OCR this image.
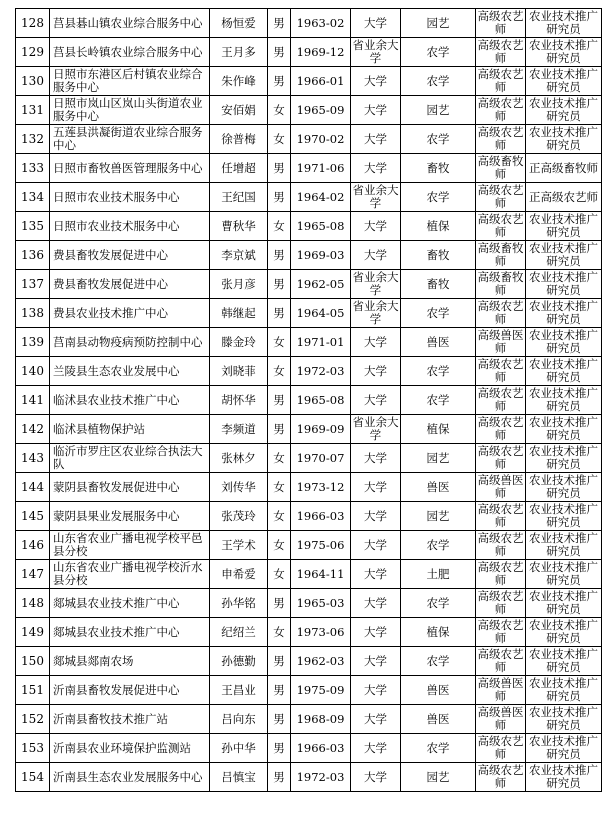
128	莒县碁山镇农业综合服务中心	杨恒爱	男	1963-02	大学	园艺	高级农艺师	农业技术推广研究员
129	莒县长岭镇农业综合服务中心	王月多	男	1969-12	省业余大学	农学	高级农艺师	农业技术推广研究员
130	日照市东港区后村镇农业综合服务中心	朱作峰	男	1966-01	大学	农学	高级农艺师	农业技术推广研究员
131	日照市岚山区岚山头街道农业服务中心	安佰娟	女	1965-09	大学	园艺	高级农艺师	农业技术推广研究员
132	五莲县洪凝街道农业综合服务中心	徐普梅	女	1970-02	大学	农学	高级农艺师	农业技术推广研究员
133	日照市畜牧兽医管理服务中心	任增超	男	1971-06	大学	畜牧	高级畜牧师	正高级畜牧师
134	日照市农业技术服务中心	王纪国	男	1964-02	省业余大学	农学	高级农艺师	正高级农艺师
135	日照市农业技术服务中心	曹秋华	女	1965-08	大学	植保	高级农艺师	农业技术推广研究员
136	费县畜牧发展促进中心	李京斌	男	1969-03	大学	畜牧	高级畜牧师	农业技术推广研究员
137	费县畜牧发展促进中心	张月彦	男	1962-05	省业余大学	畜牧	高级畜牧师	农业技术推广研究员
138	费县农业技术推广中心	韩继起	男	1964-05	省业余大学	农学	高级农艺师	农业技术推广研究员
139	莒南县动物疫病预防控制中心	滕金玲	女	1971-01	大学	兽医	高级兽医师	农业技术推广研究员
140	兰陵县生态农业发展中心	刘晓菲	女	1972-03	大学	农学	高级农艺师	农业技术推广研究员
141	临沭县农业技术推广中心	胡怀华	男	1965-08	大学	农学	高级农艺师	农业技术推广研究员
142	临沭县植物保护站	李频道	男	1969-09	省业余大学	植保	高级农艺师	农业技术推广研究员
143	临沂市罗庄区农业综合执法大队	张林夕	女	1970-07	大学	园艺	高级农艺师	农业技术推广研究员
144	蒙阴县畜牧发展促进中心	刘传华	女	1973-12	大学	兽医	高级兽医师	农业技术推广研究员
145	蒙阴县果业发展服务中心	张茂玲	女	1966-03	大学	园艺	高级农艺师	农业技术推广研究员
146	山东省农业广播电视学校平邑县分校	王学术	女	1975-06	大学	农学	高级农艺师	农业技术推广研究员
147	山东省农业广播电视学校沂水县分校	申希爱	女	1964-11	大学	土肥	高级农艺师	农业技术推广研究员
148	郯城县农业技术推广中心	孙华铭	男	1965-03	大学	农学	高级农艺师	农业技术推广研究员
149	郯城县农业技术推广中心	纪绍兰	女	1973-06	大学	植保	高级农艺师	农业技术推广研究员
150	郯城县郯南农场	孙德勤	男	1962-03	大学	农学	高级农艺师	农业技术推广研究员
151	沂南县畜牧发展促进中心	王昌业	男	1975-09	大学	兽医	高级兽医师	农业技术推广研究员
152	沂南县畜牧技术推广站	吕向东	男	1968-09	大学	兽医	高级兽医师	农业技术推广研究员
153	沂南县农业环境保护监测站	孙中华	男	1966-03	大学	农学	高级农艺师	农业技术推广研究员
154	沂南县生态农业发展服务中心	吕慎宝	男	1972-03	大学	园艺	高级农艺师	农业技术推广研究员
